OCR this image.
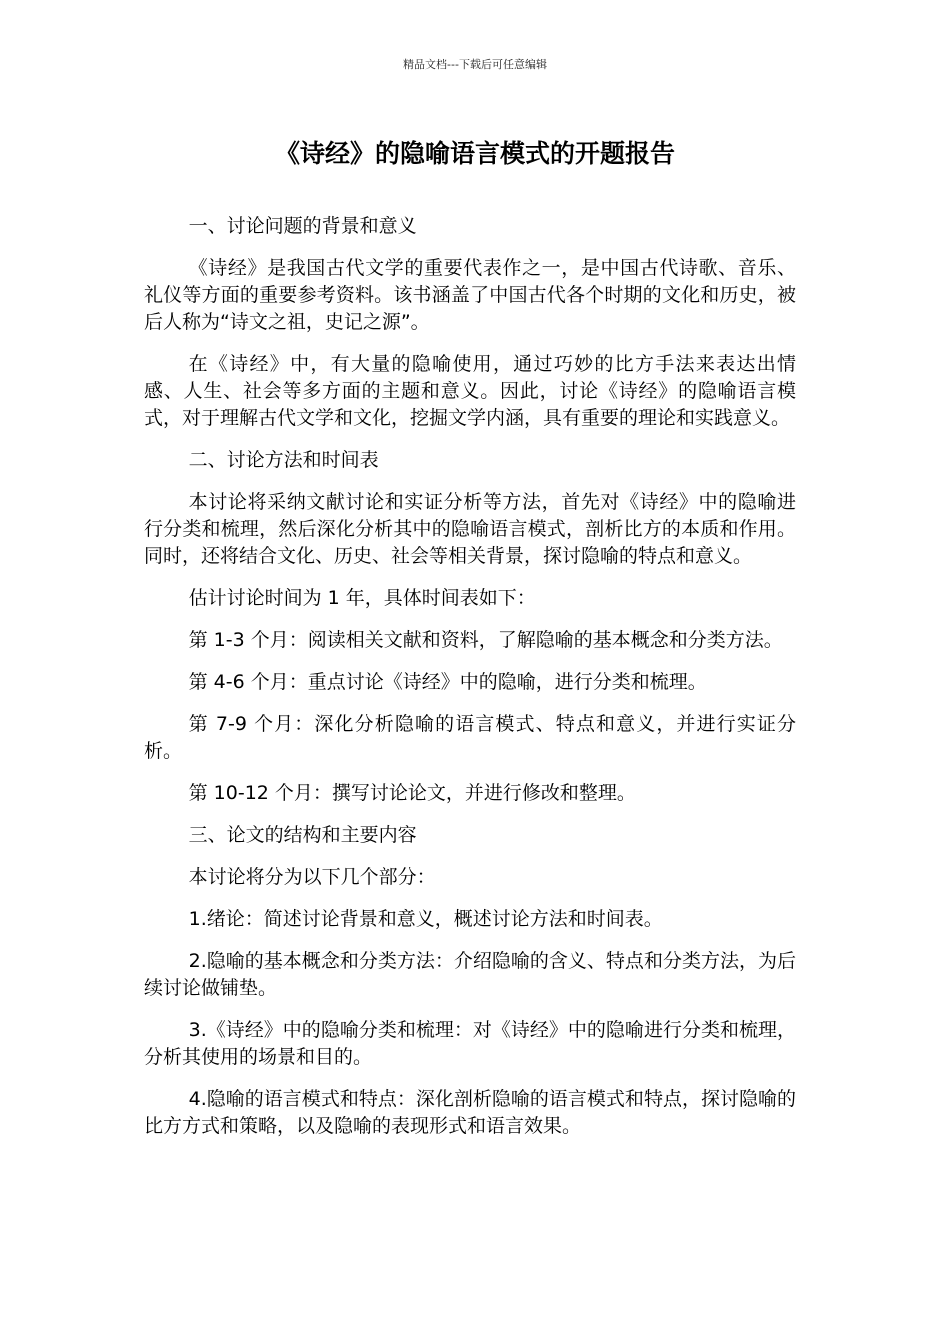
精品文档---下载后可任意编辑
《诗经》的隐喻语言模式的开题报告

一、讨论问题的背景和意义

《诗经》是我国古代文学的重要代表作之一，是中国古代诗歌、音乐、礼仪等方面的重要参考资料。该书涵盖了中国古代各个时期的文化和历史，被后人称为“诗文之祖，史记之源”。

在《诗经》中，有大量的隐喻使用，通过巧妙的比方手法来表达出情感、人生、社会等多方面的主题和意义。因此，讨论《诗经》的隐喻语言模式，对于理解古代文学和文化，挖掘文学内涵，具有重要的理论和实践意义。

二、讨论方法和时间表

本讨论将采纳文献讨论和实证分析等方法，首先对《诗经》中的隐喻进行分类和梳理，然后深化分析其中的隐喻语言模式，剖析比方的本质和作用。同时，还将结合文化、历史、社会等相关背景，探讨隐喻的特点和意义。

估计讨论时间为 1 年，具体时间表如下：

第 1-3 个月：阅读相关文献和资料，了解隐喻的基本概念和分类方法。

第 4-6 个月：重点讨论《诗经》中的隐喻，进行分类和梳理。

第 7-9 个月：深化分析隐喻的语言模式、特点和意义，并进行实证分析。

第 10-12 个月：撰写讨论论文，并进行修改和整理。

三、论文的结构和主要内容

本讨论将分为以下几个部分：

1.绪论：简述讨论背景和意义，概述讨论方法和时间表。

2.隐喻的基本概念和分类方法：介绍隐喻的含义、特点和分类方法，为后续讨论做铺垫。

3.《诗经》中的隐喻分类和梳理：对《诗经》中的隐喻进行分类和梳理，分析其使用的场景和目的。

4.隐喻的语言模式和特点：深化剖析隐喻的语言模式和特点，探讨隐喻的比方方式和策略，以及隐喻的表现形式和语言效果。
